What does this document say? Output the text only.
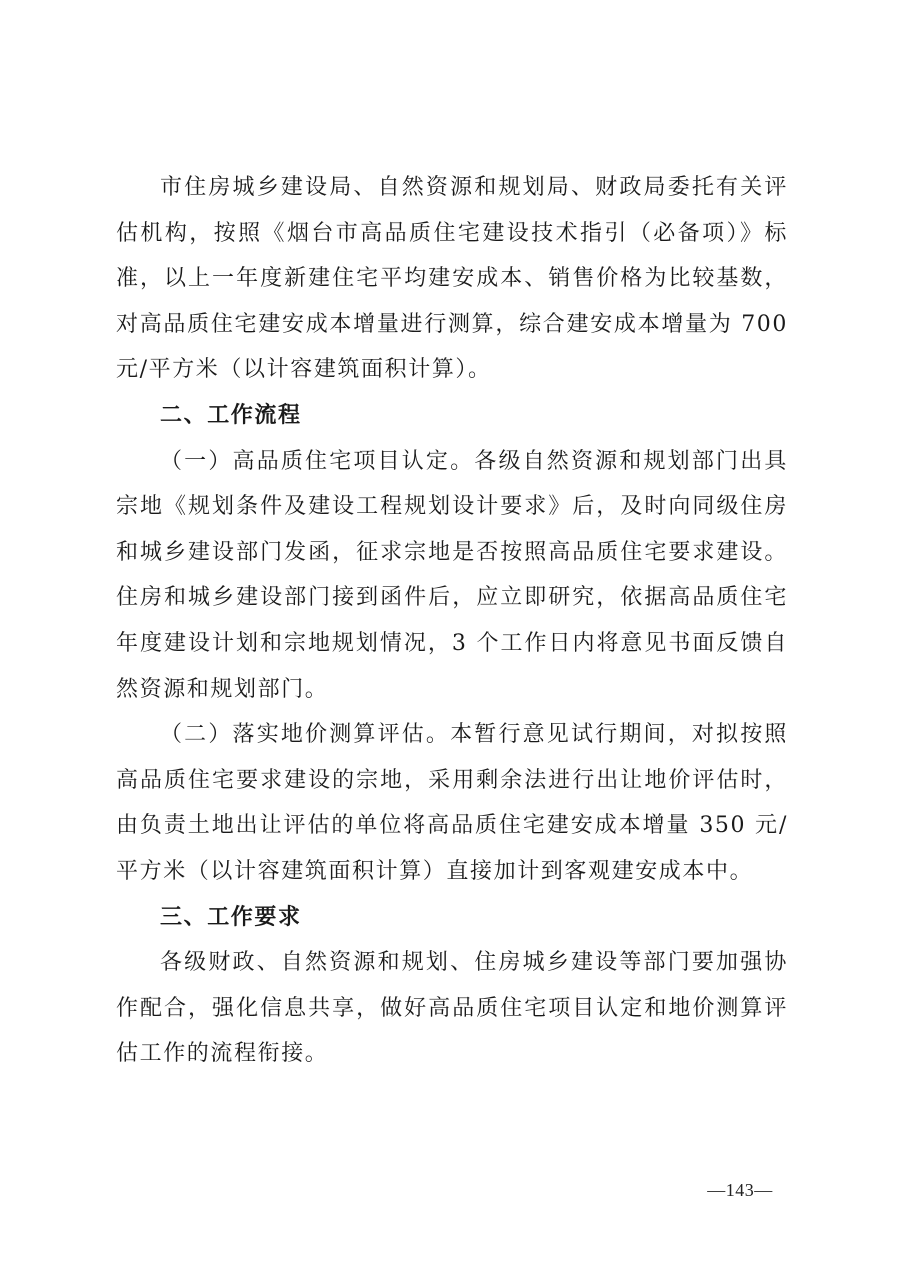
市住房城乡建设局、自然资源和规划局、财政局委托有关评估机构，按照《烟台市高品质住宅建设技术指引（必备项）》标准，以上一年度新建住宅平均建安成本、销售价格为比较基数，对高品质住宅建安成本增量进行测算，综合建安成本增量为 700 元/平方米（以计容建筑面积计算）。

二、工作流程

（一）高品质住宅项目认定。各级自然资源和规划部门出具宗地《规划条件及建设工程规划设计要求》后，及时向同级住房和城乡建设部门发函，征求宗地是否按照高品质住宅要求建设。住房和城乡建设部门接到函件后，应立即研究，依据高品质住宅年度建设计划和宗地规划情况，3 个工作日内将意见书面反馈自然资源和规划部门。

（二）落实地价测算评估。本暂行意见试行期间，对拟按照高品质住宅要求建设的宗地，采用剩余法进行出让地价评估时，由负责土地出让评估的单位将高品质住宅建安成本增量 350 元/平方米（以计容建筑面积计算）直接加计到客观建安成本中。

三、工作要求

各级财政、自然资源和规划、住房城乡建设等部门要加强协作配合，强化信息共享，做好高品质住宅项目认定和地价测算评估工作的流程衔接。

—143—
